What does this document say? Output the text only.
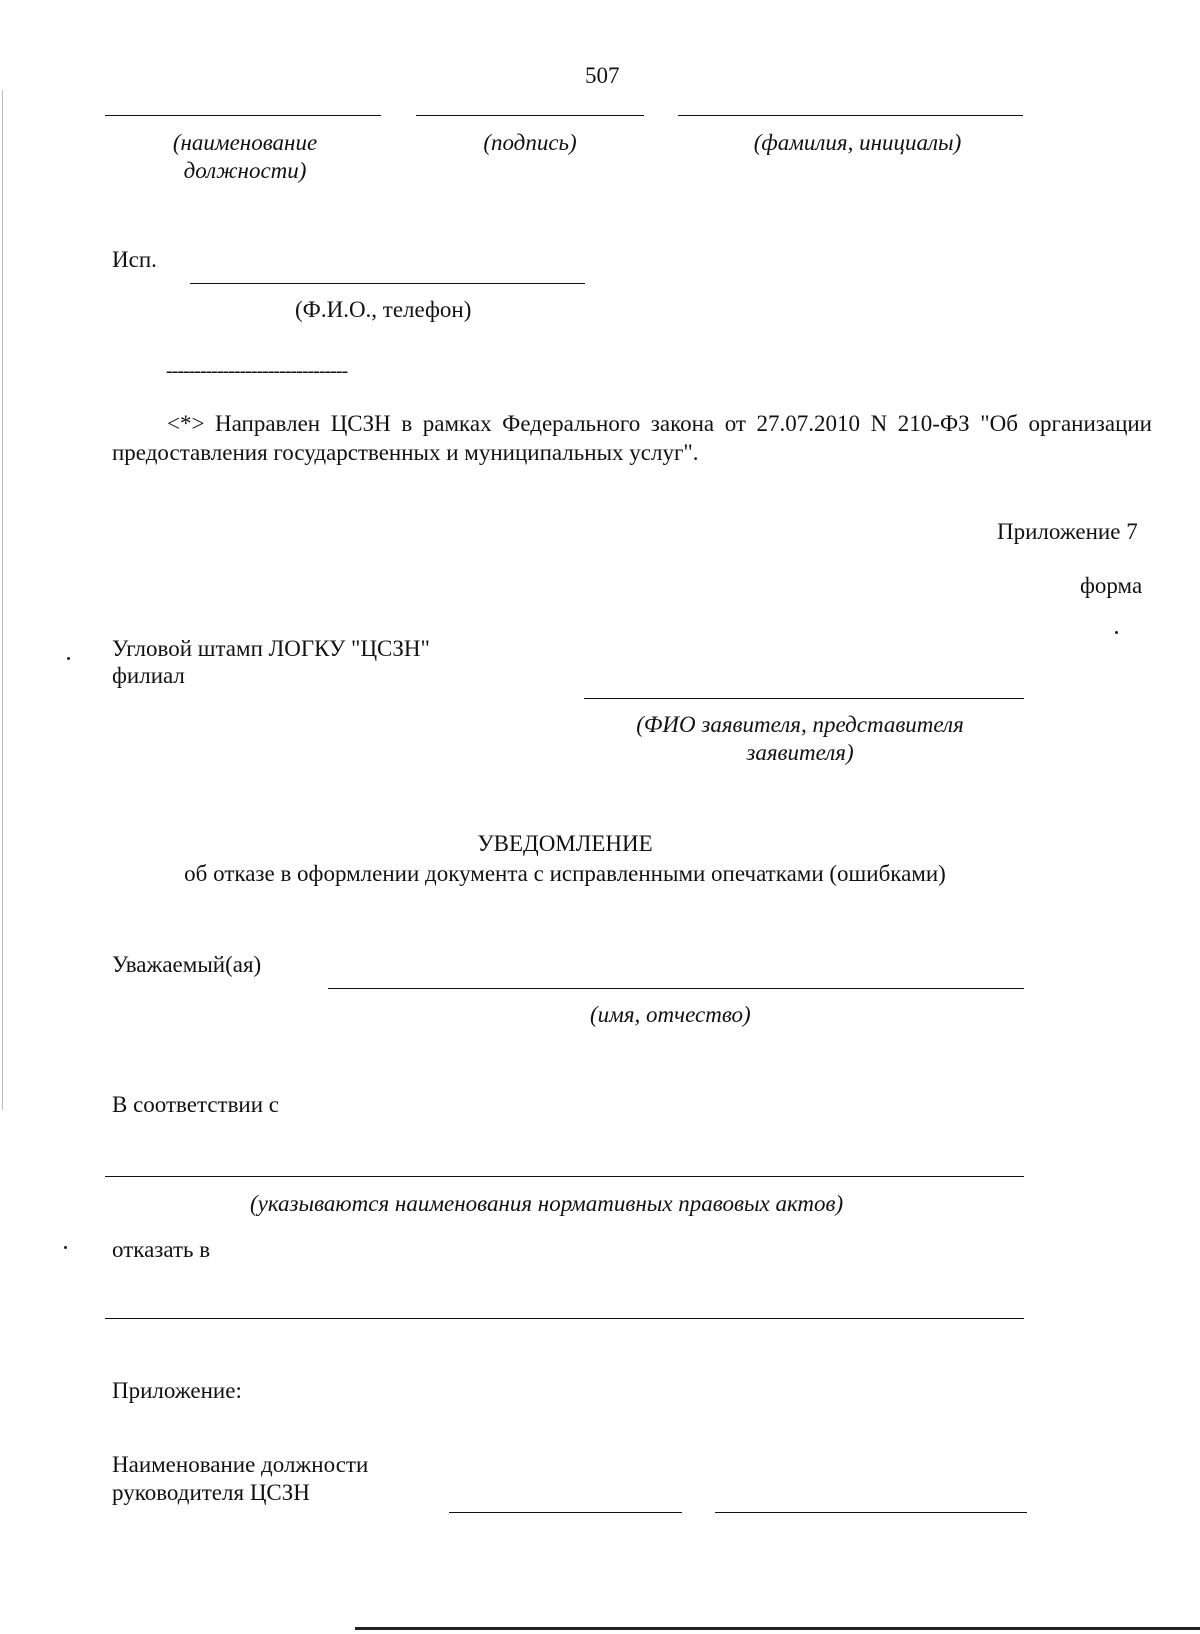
507
(наименование должности)
(подпись)	(фамилия, инициалы)
Исп.
(Ф.И.О., телефон)
--------------------------------
<*> Направлен ЦСЗН в рамках Федерального закона от 27.07.2010 N 210-ФЗ "Об организации предоставления государственных и муниципальных услуг".
Приложение 7
форма
Угловой штамп ЛОГКУ "ЦСЗН"
филиал
(ФИО заявителя, представителя заявителя)
УВЕДОМЛЕНИЕ
об отказе в оформлении документа с исправленными опечатками (ошибками)
Уважаемый(ая)
(имя, отчество)
В соответствии с
(указываются наименования нормативных правовых актов)
отказать в
Приложение:
Наименование должности
руководителя ЦСЗН
